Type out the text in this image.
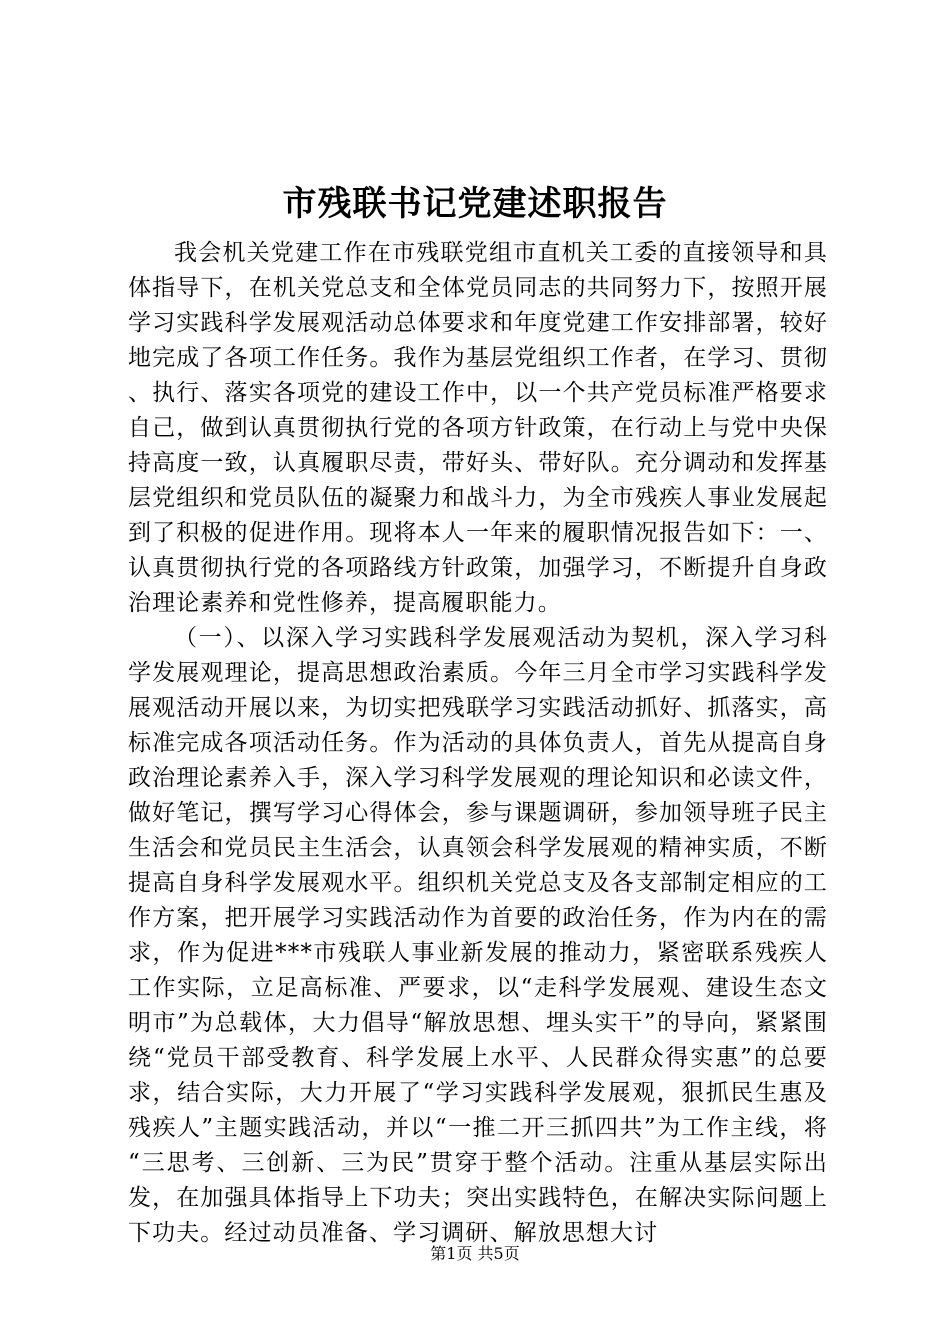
市残联书记党建述职报告

我会机关党建工作在市残联党组市直机关工委的直接领导和具体指导下，在机关党总支和全体党员同志的共同努力下，按照开展学习实践科学发展观活动总体要求和年度党建工作安排部署，较好地完成了各项工作任务。我作为基层党组织工作者，在学习、贯彻、执行、落实各项党的建设工作中，以一个共产党员标准严格要求自己，做到认真贯彻执行党的各项方针政策，在行动上与党中央保持高度一致，认真履职尽责，带好头、带好队。充分调动和发挥基层党组织和党员队伍的凝聚力和战斗力，为全市残疾人事业发展起到了积极的促进作用。现将本人一年来的履职情况报告如下：一、认真贯彻执行党的各项路线方针政策，加强学习，不断提升自身政治理论素养和党性修养，提高履职能力。

（一）、以深入学习实践科学发展观活动为契机，深入学习科学发展观理论，提高思想政治素质。今年三月全市学习实践科学发展观活动开展以来，为切实把残联学习实践活动抓好、抓落实，高标准完成各项活动任务。作为活动的具体负责人，首先从提高自身政治理论素养入手，深入学习科学发展观的理论知识和必读文件，做好笔记，撰写学习心得体会，参与课题调研，参加领导班子民主生活会和党员民主生活会，认真领会科学发展观的精神实质，不断提高自身科学发展观水平。组织机关党总支及各支部制定相应的工作方案，把开展学习实践活动作为首要的政治任务，作为内在的需求，作为促进***市残联人事业新发展的推动力，紧密联系残疾人工作实际，立足高标准、严要求，以“走科学发展观、建设生态文明市”为总载体，大力倡导“解放思想、埋头实干”的导向，紧紧围绕“党员干部受教育、科学发展上水平、人民群众得实惠”的总要求，结合实际，大力开展了“学习实践科学发展观，狠抓民生惠及残疾人”主题实践活动，并以“一推二开三抓四共”为工作主线，将“三思考、三创新、三为民”贯穿于整个活动。注重从基层实际出发，在加强具体指导上下功夫；突出实践特色，在解决实际问题上下功夫。经过动员准备、学习调研、解放思想大讨

第1页 共5页
